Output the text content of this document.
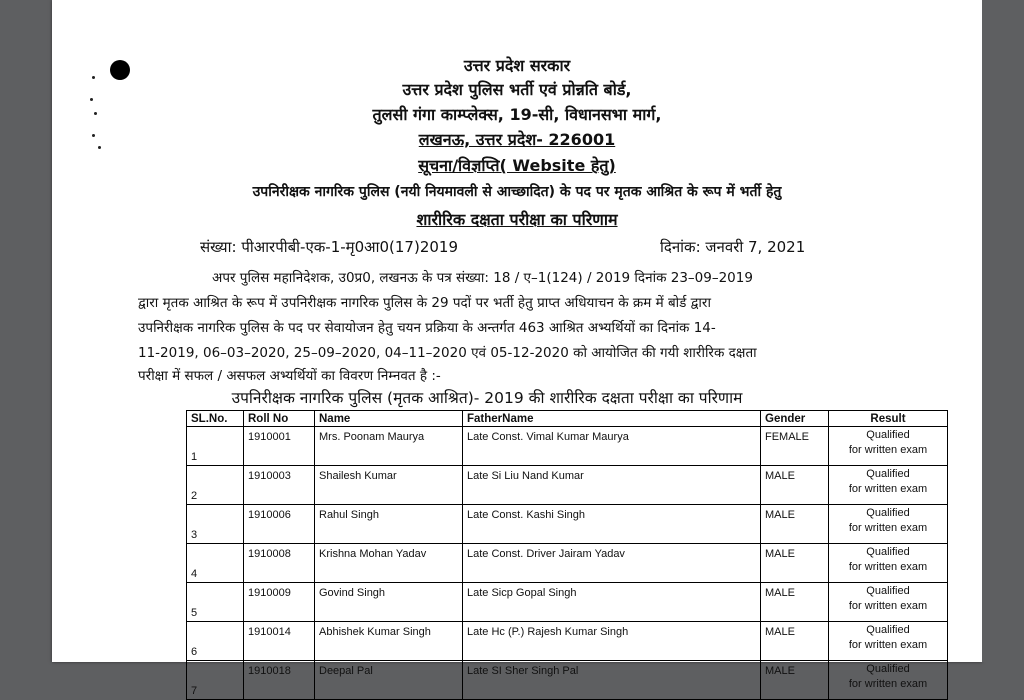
उत्तर प्रदेश सरकार
उत्तर प्रदेश पुलिस भर्ती एवं प्रोन्नति बोर्ड,
तुलसी गंगा काम्प्लेक्स, 19-सी, विधानसभा मार्ग,
लखनऊ, उत्तर प्रदेश- 226001
सूचना/विज्ञप्ति( Website हेतु)
उपनिरीक्षक नागरिक पुलिस (नयी नियमावली से आच्छादित) के पद पर मृतक आश्रित के रूप में भर्ती हेतु
शारीरिक दक्षता परीक्षा का परिणाम
संख्या: पीआरपीबी-एक-1-मृ0आ0(17)2019	दिनांक: जनवरी 7, 2021
अपर पुलिस महानिदेशक, उ0प्र0, लखनऊ के पत्र संख्या: 18 / ए–1(124) / 2019 दिनांक 23–09–2019
द्वारा मृतक आश्रित के रूप में उपनिरीक्षक नागरिक पुलिस के 29 पदों पर भर्ती हेतु प्राप्त अधियाचन के क्रम में बोर्ड द्वारा
उपनिरीक्षक नागरिक पुलिस के पद पर सेवायोजन हेतु चयन प्रक्रिया के अन्तर्गत 463 आश्रित अभ्यर्थियों का दिनांक 14-
11-2019, 06–03–2020, 25–09–2020, 04–11–2020 एवं 05-12-2020 को आयोजित की गयी शारीरिक दक्षता
परीक्षा में सफल / असफल अभ्यर्थियों का विवरण निम्नवत है :-
उपनिरीक्षक नागरिक पुलिस (मृतक आश्रित)- 2019 की शारीरिक दक्षता परीक्षा का परिणाम
SL.No.	Roll No	Name	FatherName	Gender	Result
1	1910001	Mrs. Poonam Maurya	Late Const. Vimal Kumar Maurya	FEMALE	Qualified
for written exam

2	1910003	Shailesh Kumar	Late Si Liu Nand Kumar	MALE	Qualified
for written exam

3	1910006	Rahul Singh	Late Const. Kashi Singh	MALE	Qualified
for written exam

4	1910008	Krishna Mohan Yadav	Late Const. Driver Jairam Yadav	MALE	Qualified
for written exam

5	1910009	Govind Singh	Late Sicp Gopal Singh	MALE	Qualified
for written exam

6	1910014	Abhishek Kumar Singh	Late Hc (P.) Rajesh Kumar Singh	MALE	Qualified
for written exam

7	1910018	Deepal Pal	Late SI Sher Singh Pal	MALE	Qualified
for written exam
